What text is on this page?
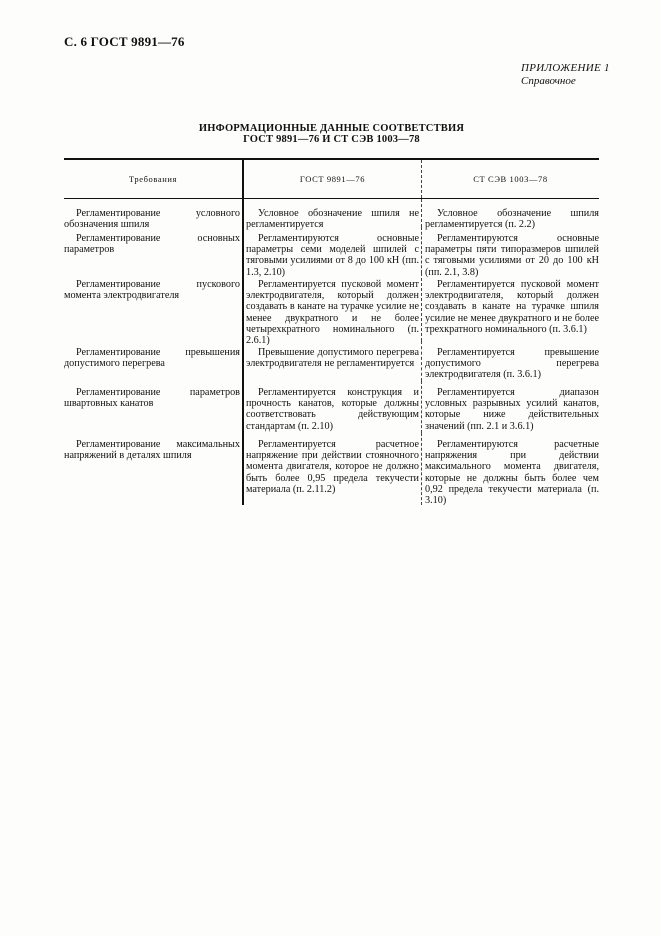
С. 6 ГОСТ 9891—76
ПРИЛОЖЕНИЕ 1
Справочное
ИНФОРМАЦИОННЫЕ ДАННЫЕ СООТВЕТСТВИЯ
ГОСТ 9891—76 И СТ СЭВ 1003—78
Требования	ГОСТ 9891—76	СТ СЭВ 1003—78

Регламентирование условного обозначения шпиля

Условное обозначение шпиля не регламентируется

Условное обозначение шпиля регламентируется (п. 2.2)

Регламентирование основных параметров

Регламентируются основные параметры семи моделей шпилей с тяговыми усилиями от 8 до 100 кН (пп. 1.3, 2.10)

Регламентируются основные параметры пяти типоразмеров шпилей с тяговыми усилиями от 20 до 100 кН (пп. 2.1, 3.8)

Регламентирование пускового момента электродвигателя

Регламентируется пусковой момент электродвигателя, который должен создавать в канате на турачке усилие не менее двукратного и не более четырехкратного номинального (п. 2.6.1)

Регламентируется пусковой момент электродвигателя, который должен создавать в канате на турачке шпиля усилие не менее двукратного и не более трехкратного номинального (п. 3.6.1)

Регламентирование превышения допустимого перегрева

Превышение допустимого перегрева электродвигателя не регламентируется

Регламентируется превышение допустимого перегрева электродвигателя (п. 3.6.1)

Регламентирование параметров швартовных канатов

Регламентируется конструкция и прочность канатов, которые должны соответствовать действующим стандартам (п. 2.10)

Регламентируется диапазон условных разрывных усилий канатов, которые ниже действительных значений (пп. 2.1 и 3.6.1)

Регламентирование максимальных напряжений в деталях шпиля

Регламентируется расчетное напряжение при действии стояночного момента двигателя, которое не должно быть более 0,95 предела текучести материала (п. 2.11.2)

Регламентируются расчетные напряжения при действии максимального момента двигателя, которые не должны быть более чем 0,92 предела текучести материала (п. 3.10)
